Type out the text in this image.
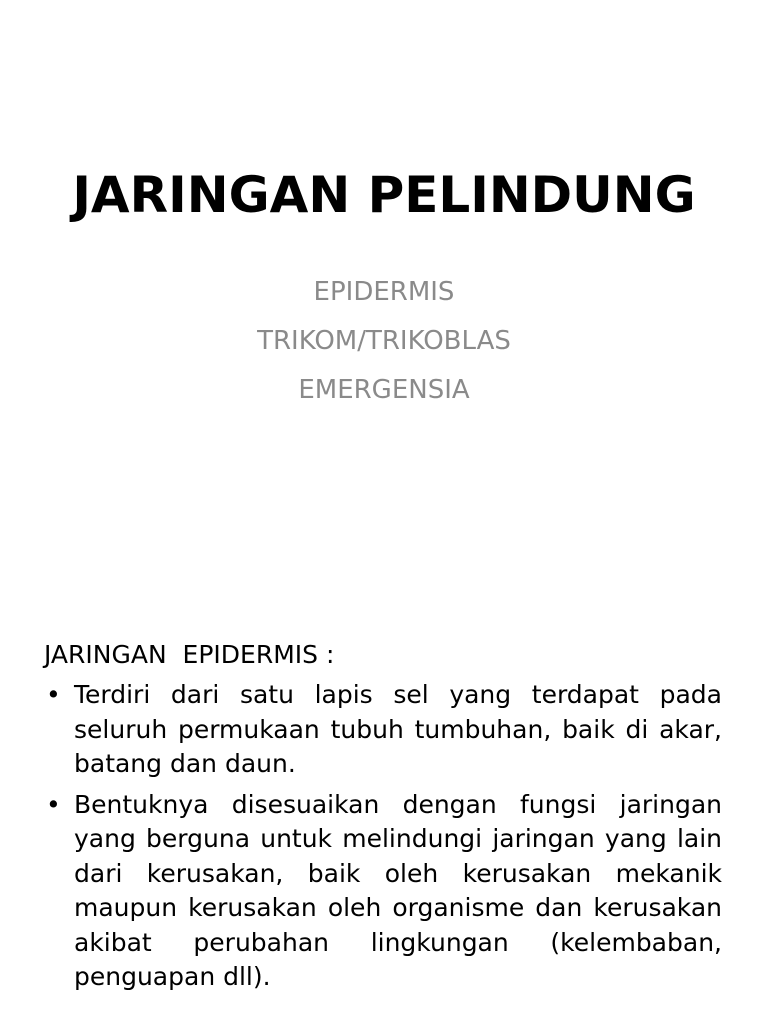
JARINGAN PELINDUNG
EPIDERMIS
TRIKOM/TRIKOBLAS
EMERGENSIA

JARINGAN  EPIDERMIS :

• Terdiri dari satu lapis sel yang terdapat pada seluruh permukaan tubuh tumbuhan, baik di akar, batang dan daun.
• Bentuknya disesuaikan dengan fungsi jaringan yang berguna untuk melindungi jaringan yang lain dari kerusakan, baik oleh kerusakan mekanik maupun kerusakan oleh organisme dan kerusakan akibat perubahan lingkungan (kelembaban, penguapan dll).
